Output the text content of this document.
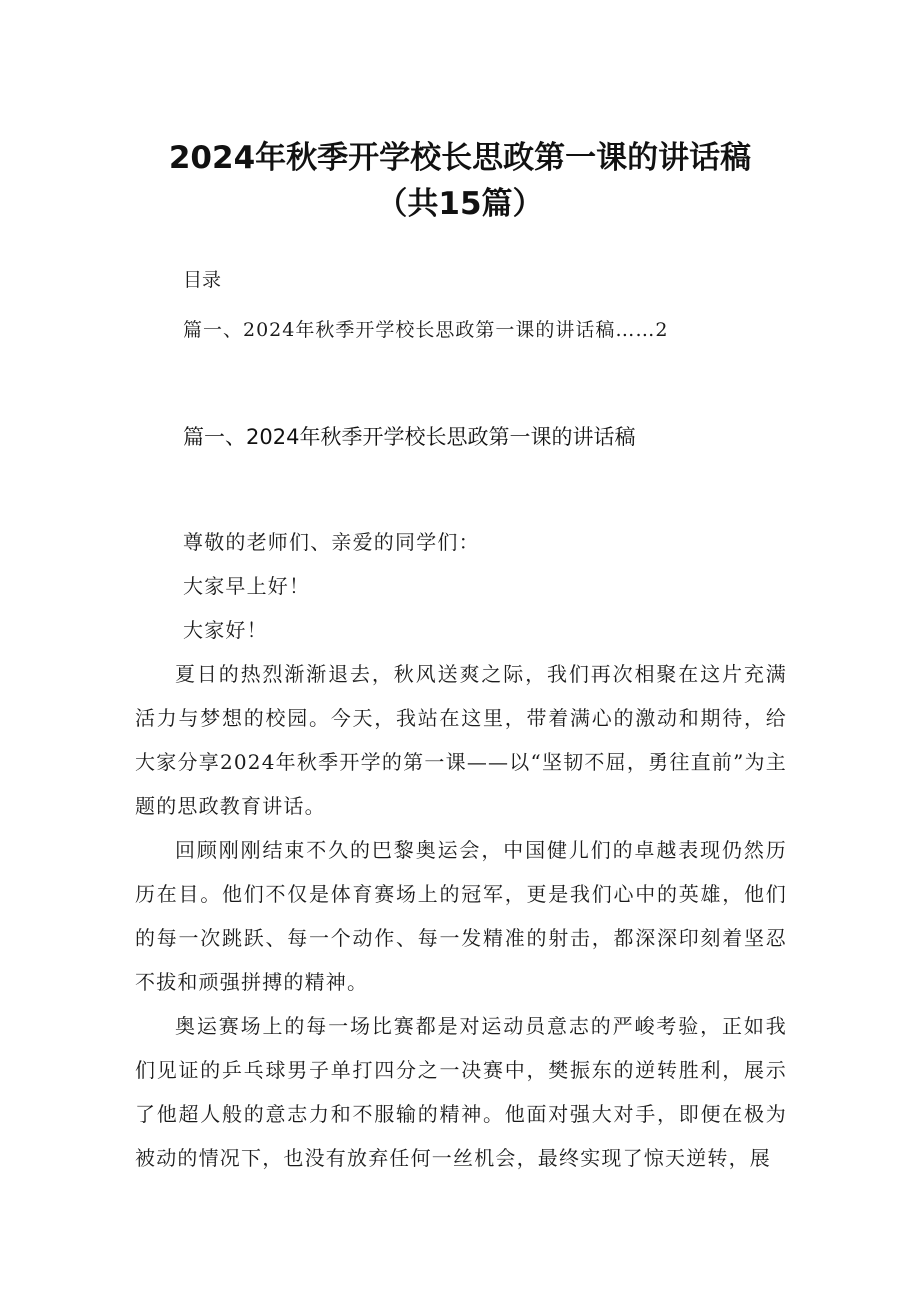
2024年秋季开学校长思政第一课的讲话稿
（共15篇）
目录
篇一、2024年秋季开学校长思政第一课的讲话稿……2
篇一、2024年秋季开学校长思政第一课的讲话稿

尊敬的老师们、亲爱的同学们：

大家早上好！

大家好！

夏日的热烈渐渐退去，秋风送爽之际，我们再次相聚在这片充满活力与梦想的校园。今天，我站在这里，带着满心的激动和期待，给大家分享2024年秋季开学的第一课——以“坚韧不屈，勇往直前”为主题的思政教育讲话。

回顾刚刚结束不久的巴黎奥运会，中国健儿们的卓越表现仍然历历在目。他们不仅是体育赛场上的冠军，更是我们心中的英雄，他们的每一次跳跃、每一个动作、每一发精准的射击，都深深印刻着坚忍不拔和顽强拼搏的精神。

奥运赛场上的每一场比赛都是对运动员意志的严峻考验，正如我们见证的乒乓球男子单打四分之一决赛中，樊振东的逆转胜利，展示了他超人般的意志力和不服输的精神。他面对强大对手，即便在极为被动的情况下，也没有放弃任何一丝机会，最终实现了惊天逆转，展
